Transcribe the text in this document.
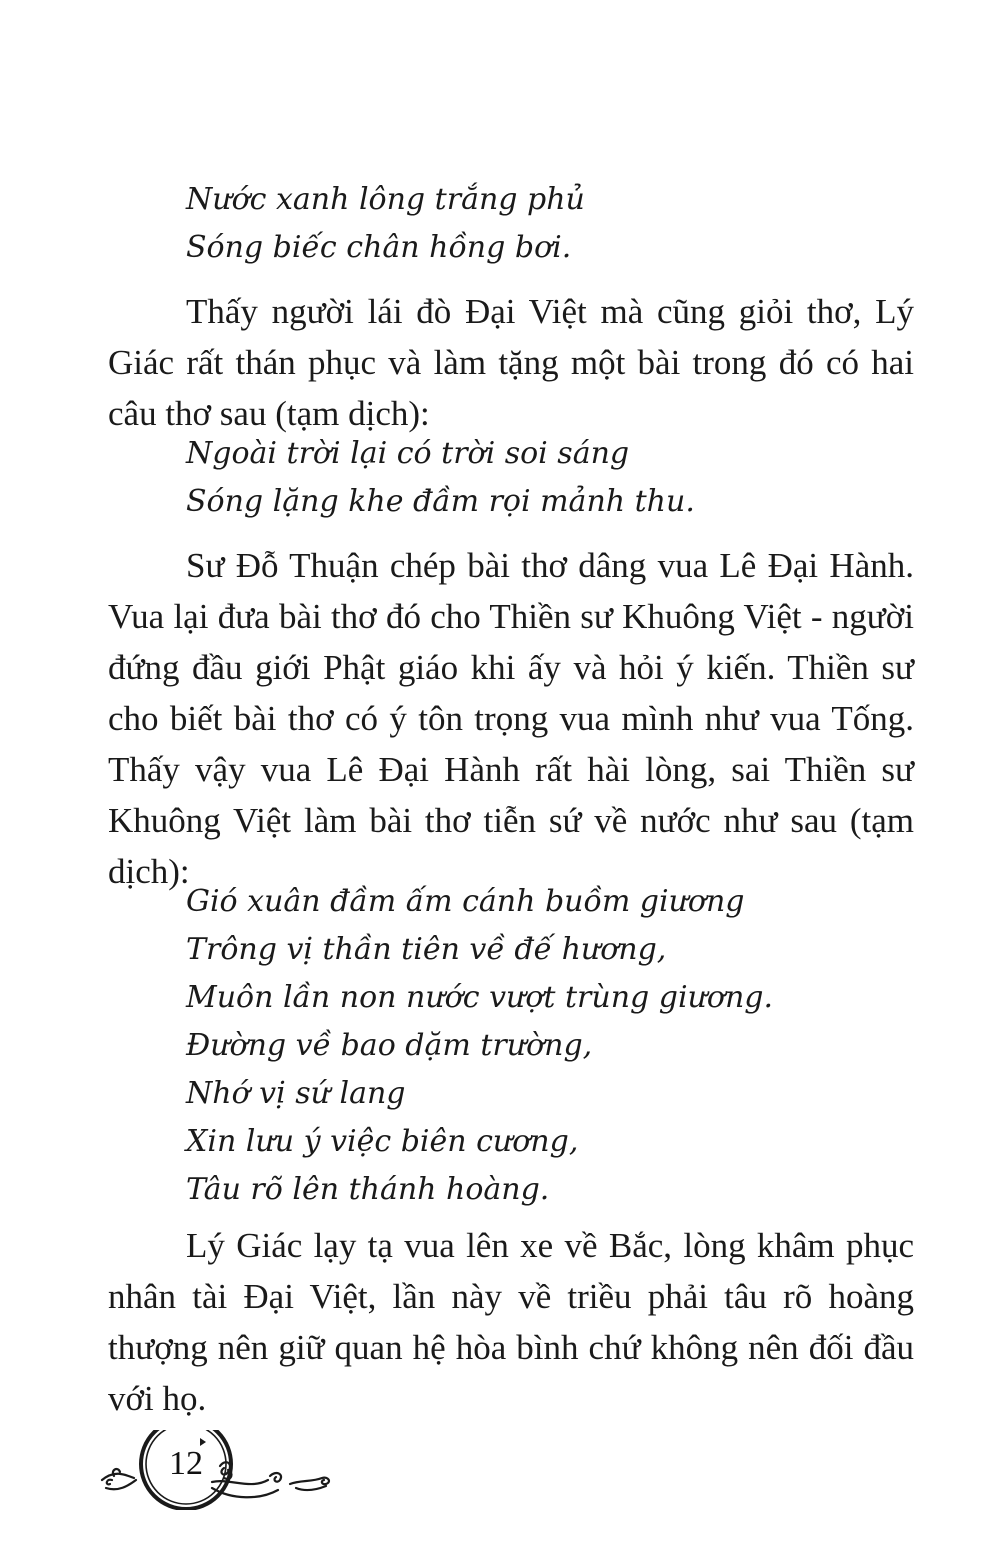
Nước xanh lông trắng phủ
Sóng biếc chân hồng bơi.

Thấy người lái đò Đại Việt mà cũng giỏi thơ, Lý Giác rất thán phục và làm tặng một bài trong đó có hai câu thơ sau (tạm dịch):

Ngoài trời lại có trời soi sáng
Sóng lặng khe đầm rọi mảnh thu.

Sư Đỗ Thuận chép bài thơ dâng vua Lê Đại Hành. Vua lại đưa bài thơ đó cho Thiền sư Khuông Việt - người đứng đầu giới Phật giáo khi ấy và hỏi ý kiến. Thiền sư cho biết bài thơ có ý tôn trọng vua mình như vua Tống. Thấy vậy vua Lê Đại Hành rất hài lòng, sai Thiền sư Khuông Việt làm bài thơ tiễn sứ về nước như sau (tạm dịch):

Gió xuân đầm ấm cánh buồm giương
Trông vị thần tiên về đế hương,
Muôn lần non nước vượt trùng giương.
Đường về bao dặm trường,
Nhớ vị sứ lang
Xin lưu ý việc biên cương,
Tâu rõ lên thánh hoàng.

Lý Giác lạy tạ vua lên xe về Bắc, lòng khâm phục nhân tài Đại Việt, lần này về triều phải tâu rõ hoàng thượng nên giữ quan hệ hòa bình chứ không nên đối đầu với họ.

12
